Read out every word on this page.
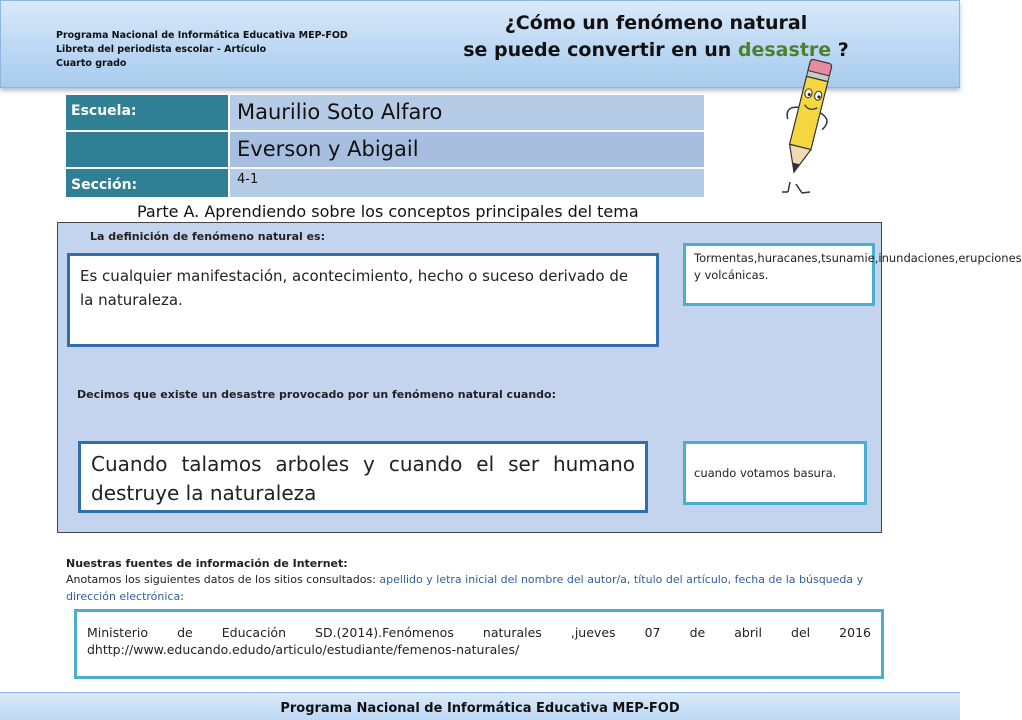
Programa Nacional de Informática Educativa MEP-FOD
Libreta del periodista escolar - Artículo
Cuarto grado
¿Cómo un fenómeno natural
se puede convertir en un desastre ?
Escuela:	Maurilio Soto Alfaro
Everson y Abigail
Sección:	4-1
Parte A. Aprendiendo sobre los conceptos principales del tema
La definición de fenómeno natural es:
Es cualquier manifestación, acontecimiento, hecho o suceso derivado de la naturaleza.
Tormentas,huracanes,tsunamie,inundaciones,erupciones y volcánicas.
Decimos que existe un desastre provocado por un fenómeno natural cuando:
Cuando talamos arboles y cuando el ser humano destruye la naturaleza
cuando votamos basura.
Nuestras fuentes de información de Internet:
Anotamos los siguientes datos de los sitios consultados: apellido y letra inicial del nombre del autor/a, título del artículo, fecha de la búsqueda y dirección electrónica:
Ministerio de Educación SD.(2014).Fenómenos naturales ,jueves 07 de abril del 2016 dhttp://www.educando.edudo/articulo/estudiante/femenos-naturales/
Programa Nacional de Informática Educativa MEP-FOD
